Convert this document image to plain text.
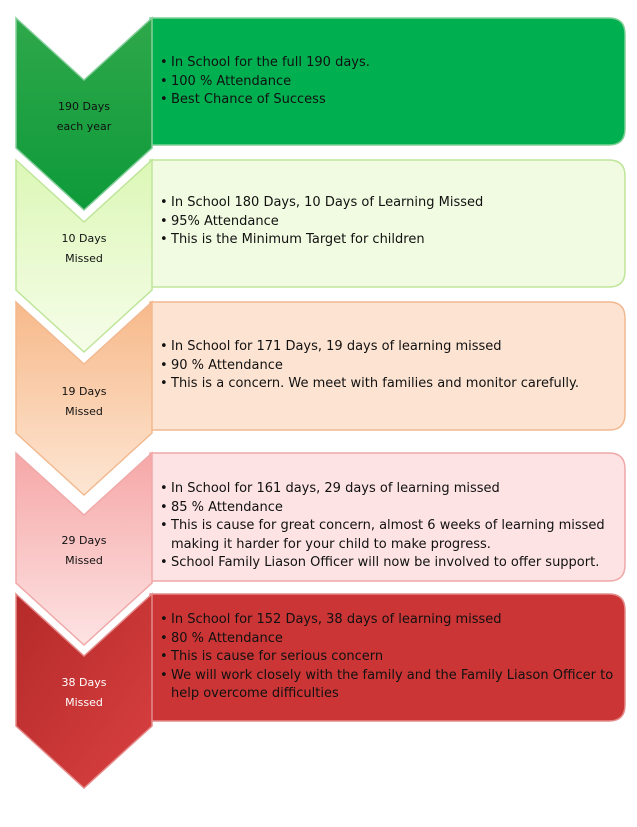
190 Days
each year
• In School for the full 190 days.
• 100 % Attendance
• Best Chance of Success
10 Days
Missed
• In School 180 Days, 10 Days of Learning Missed
• 95% Attendance
• This is the Minimum Target for children
19 Days
Missed
• In School for 171 Days, 19 days of learning missed
• 90 % Attendance
• This is a concern. We meet with families and monitor carefully.
29 Days
Missed
• In School for 161 days, 29 days of learning missed
• 85 % Attendance
• This is cause for great concern, almost 6 weeks of learning missed making it harder for your child to make progress.
• School Family Liason Officer will now be involved to offer support.
38 Days
Missed
• In School for 152 Days, 38 days of learning missed
• 80 % Attendance
• This is cause for serious concern
• We will work closely with the family and the Family Liason Officer to help overcome difficulties
